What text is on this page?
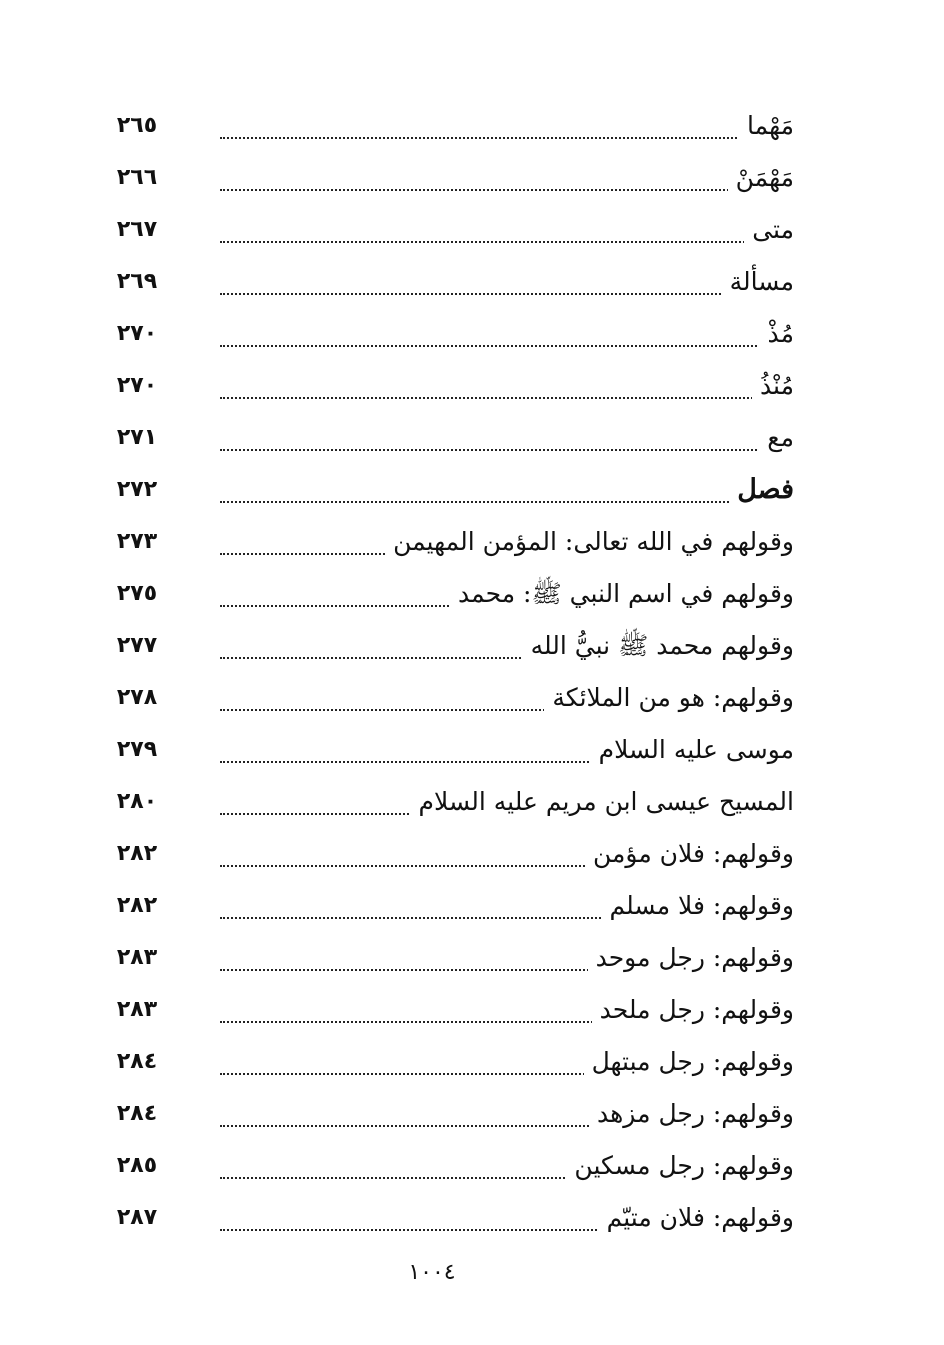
مَهْما
٢٦٥
مَهْمَنْ
٢٦٦
متى
٢٦٧
مسألة
٢٦٩
مُذْ
٢٧٠
مُنْذُ
٢٧٠
مع
٢٧١
فصل
٢٧٢
وقولهم في الله تعالى: المؤمن المهيمن
٢٧٣
وقولهم في اسم النبي ﷺ: محمد
٢٧٥
وقولهم محمد ﷺ نبيُّ الله
٢٧٧
وقولهم: هو من الملائكة
٢٧٨
موسى عليه السلام
٢٧٩
المسيح عيسى ابن مريم عليه السلام
٢٨٠
وقولهم: فلان مؤمن
٢٨٢
وقولهم: فلا مسلم
٢٨٢
وقولهم: رجل موحد
٢٨٣
وقولهم: رجل ملحد
٢٨٣
وقولهم: رجل مبتهل
٢٨٤
وقولهم: رجل مزهد
٢٨٤
وقولهم: رجل مسكين
٢٨٥
وقولهم: فلان متيّم
٢٨٧
١٠٠٤
